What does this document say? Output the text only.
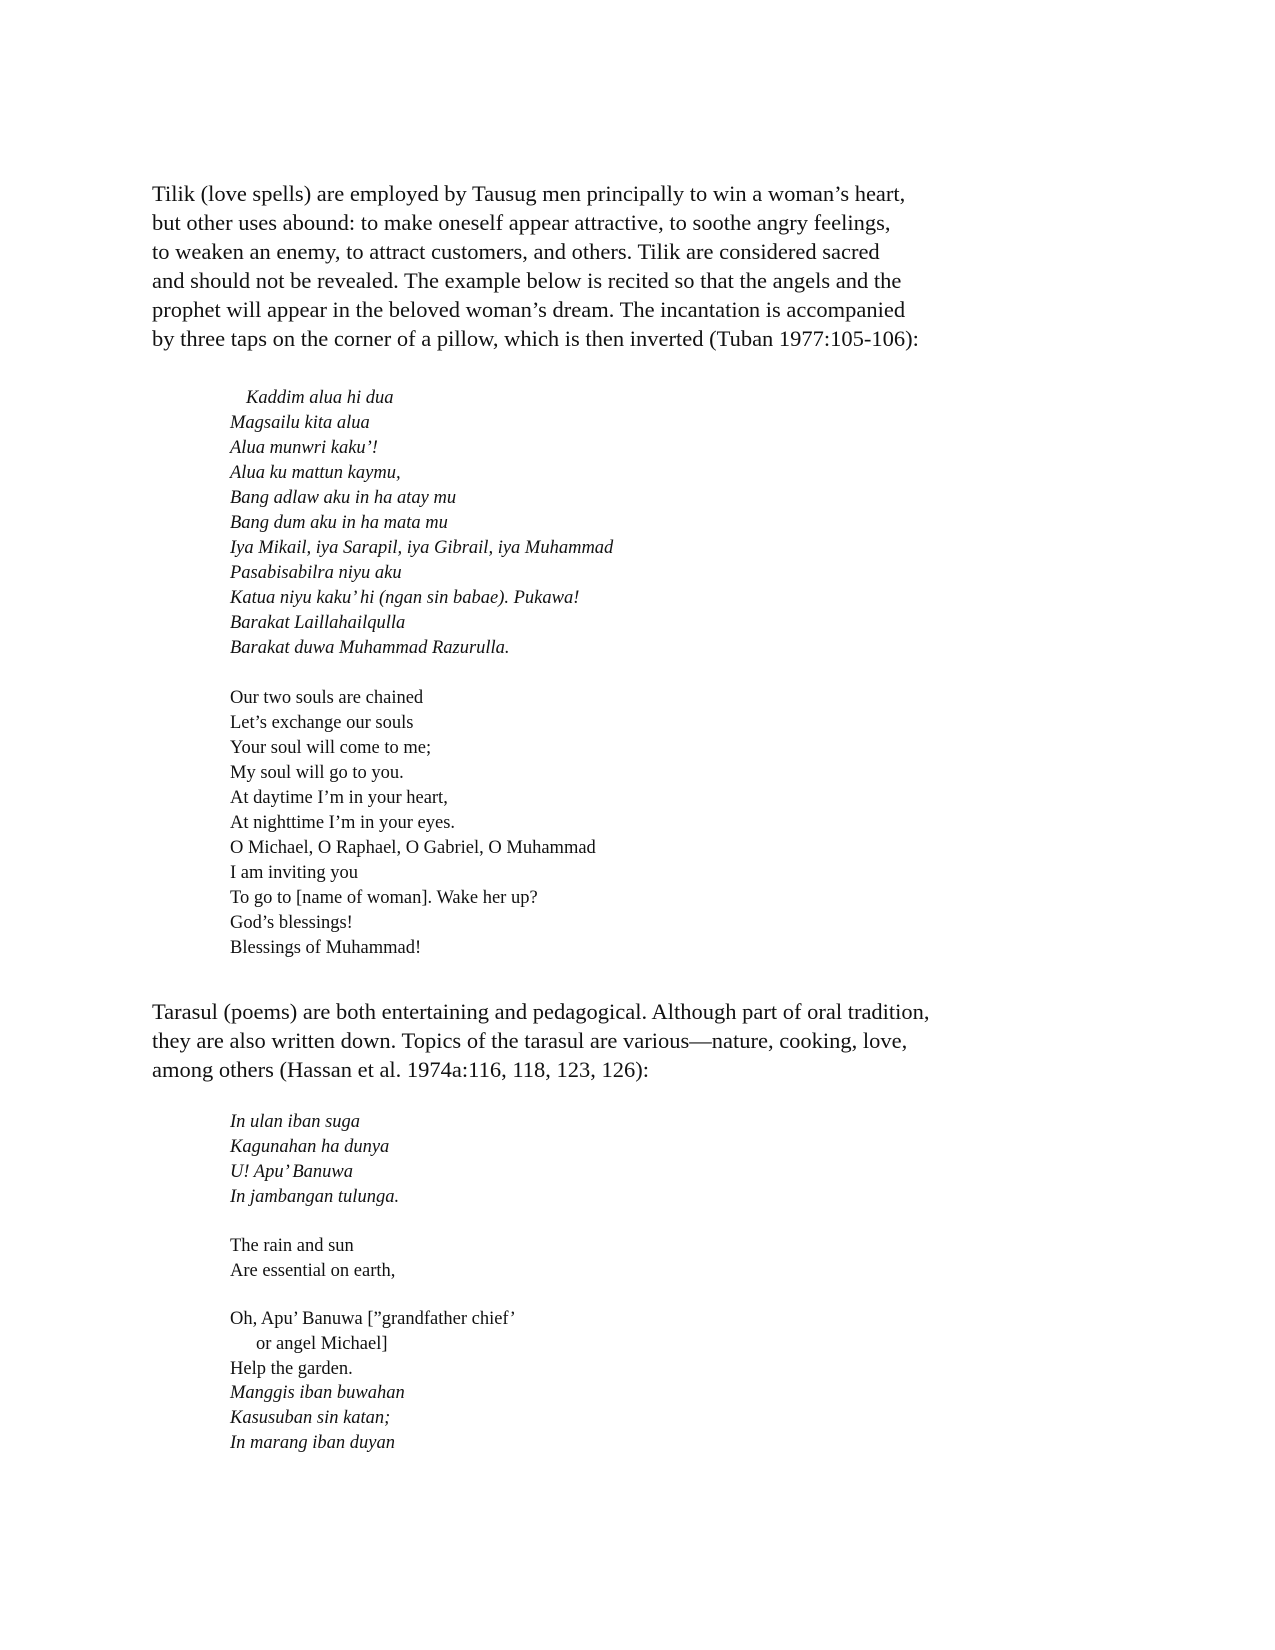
Tilik (love spells) are employed by Tausug men principally to win a woman’s heart,
but other uses abound: to make oneself appear attractive, to soothe angry feelings,
to weaken an enemy, to attract customers, and others. Tilik are considered sacred
and should not be revealed. The example below is recited so that the angels and the
prophet will appear in the beloved woman’s dream. The incantation is accompanied
by three taps on the corner of a pillow, which is then inverted (Tuban 1977:105-106):
Kaddim alua hi dua
Magsailu kita alua
Alua munwri kaku’!
Alua ku mattun kaymu,
Bang adlaw aku in ha atay mu
Bang dum aku in ha mata mu
Iya Mikail, iya Sarapil, iya Gibrail, iya Muhammad
Pasabisabilra niyu aku
Katua niyu kaku’ hi (ngan sin babae). Pukawa!
Barakat Laillahailqulla
Barakat duwa Muhammad Razurulla.
Our two souls are chained
Let’s exchange our souls
Your soul will come to me;
My soul will go to you.
At daytime I’m in your heart,
At nighttime I’m in your eyes.
O Michael, O Raphael, O Gabriel, O Muhammad
I am inviting you
To go to [name of woman]. Wake her up?
God’s blessings!
Blessings of Muhammad!
Tarasul (poems) are both entertaining and pedagogical. Although part of oral tradition,
they are also written down. Topics of the tarasul are various—nature, cooking, love,
among others (Hassan et al. 1974a:116, 118, 123, 126):
In ulan iban suga
Kagunahan ha dunya
U! Apu’ Banuwa
In jambangan tulunga.
The rain and sun
Are essential on earth,
Oh, Apu’ Banuwa [”grandfather chief’
or angel Michael]
Help the garden.
Manggis iban buwahan
Kasusuban sin katan;
In marang iban duyan
